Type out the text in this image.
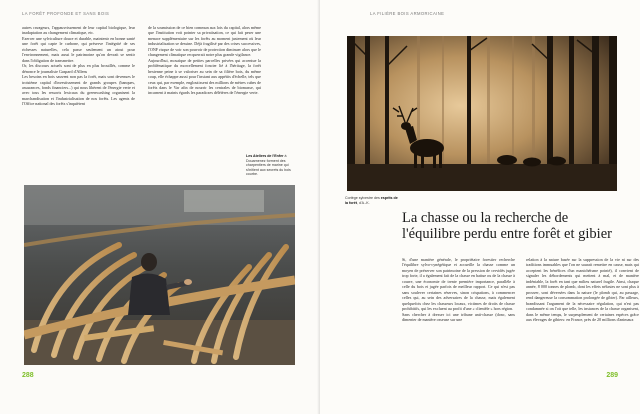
LA FORÊT PROFONDE ET SANS BOIS

autres ravageurs, l'appauvrissement de leur capital biologique, leur inadaptation au changement climatique, etc.

Exercer une sylviculture douce et durable, maintenir en bonne santé une forêt qui capte le carbone, qui préserve l'intégrité de ses richesses naturelles, cela passe seulement un atout pour l'environnement, mais aussi le patrimoine qu'on devrait se sentir dans l'obligation de transmettre.

Or, les discours actuels sont de plus en plus brouillés, comme le dénonce le journaliste Gaspard d'Allens

Les besoins en bois sauvent non pas la forêt, mais sont devenues le troisième capital d'investissement de grands groupes (banques, assurances, fonds financiers...) qui nous libèrent de l'énergie verte et avec tous les ressorts lexicaux du greenwashing organisent la marchandisation et l'industrialisation de nos forêts. Les agents de l'Office national des forêts s'inquiètent

de la soumission de ce bien commun aux lois du capital, alors même que l'institution voit pointer sa privatisation, ce qui fait peser une menace supplémentaire sur les forêts au moment justement où leur industrialisation se dessine. Déjà fragilisé par des crises successives, l'ONF risque de voir son pouvoir de protection diminuer alors que le changement climatique recquerrait notre plus grande vigilance.

Aujourd'hui, mosaïque de petites parcelles privées qui accentue la problématique du morcellement foncier lié à l'héritage, la forêt hexienne peine à se valoriser au sein de sa filière bois, du même coup, elle échappe aussi pour l'instant aux appétits d'échelle, tels que ceux qui, par exemple, engloutissent des millions de mètres cubes de forêts dans le Var afin de nourrir les centrales de biomasse, qui incarnent à maints égards les paradoxes délétères de l'énergie verte.

Les Ateliers de l'Enfer à Douarnenez forment des charpentiers de marine qui s'initient aux secrets du bois courbe.
288
LA FILIÈRE BOIS ARMORICAINE
Cortège sylvestre des esprits de la forêt, d'A.-K.

Si, d'une manière générale, le propriétaire forestier recherche l'équilibre sylvo-cynégétique et accueille la chasse comme un moyen de préserver son patrimoine de la pression de cervidés jugée trop forte, il a également fait de la chasse en battue ou de la chasse à courre, une économie de trente première importance, parallèle à celle du bois et jugée parfois de meilleur rapport. Ce qui n'est pas sans soulever certaines réserves, sinon crispations, à commencer celles qui, au sein des adversaires de la chasse, mais également quelquefois chez les chasseurs locaux, victimes de droits de chasse prohibitifs, qui les excluent au profit d'une « clientèle » hors région.

Sans chercher à dresser ici une tribune anti-chasse (donc, sans dimenter de manière osseuse sur une

relation à la nature basée sur la suppression de la vie ni sur des traditions immuables que l'on ne saurait remettre en cause, mais qui acceptent les bénéfices d'un manichéisme pointé), il convient de signaler les débordements qui mettent à mal, et de manière indéniable, la forêt en tant que milieu naturel fragile. Ainsi, chaque année, 8 000 tonnes de plomb, dont les effets néfastes ne sont plus à prouver, sont déversées dans la nature (le plomb qui, au passage, rend dangereuse la consommation prolongée de gibier). Par ailleurs, brandissant l'argument de la nécessaire régulation, qui n'est pas condamnée si on l'oit que telle, les instances de la chasse organisent, dans le même temps, le surpeuplement de certaines espèces grâce aux élevages de gibiers: en France, près de 20 millions d'animaux

289
La chasse ou la recherche de l'équilibre perdu entre forêt et gibier
